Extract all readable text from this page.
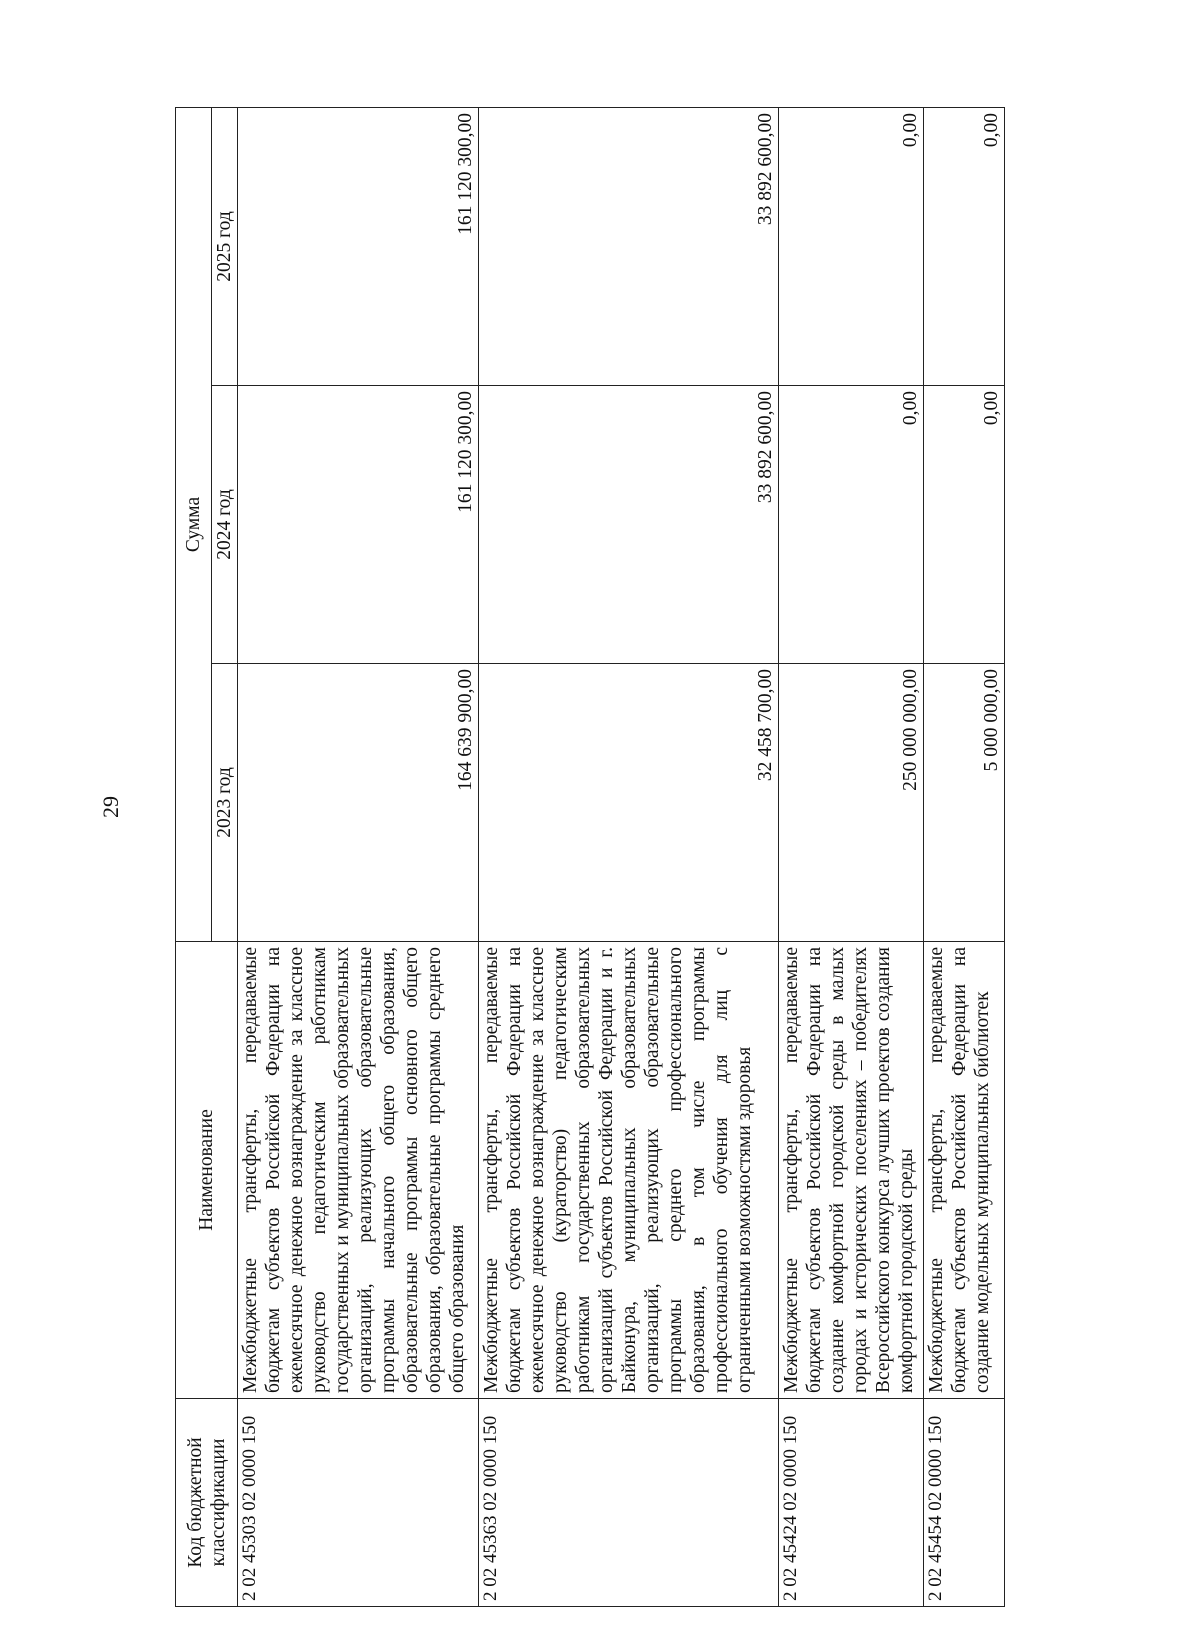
29
Код бюджетной классификации	Наименование	Сумма		
		2023 год	2024 год	2025 год
2 02 45303 02 0000 150	Межбюджетные трансферты, передаваемые бюджетам субъектов Российской Федерации на ежемесячное денежное вознаграждение за классное руководство педагогическим работникам государственных и муниципальных образовательных организаций, реализующих образовательные программы начального общего образования, образовательные программы основного общего образования, образовательные программы среднего общего образования	164 639 900,00	161 120 300,00	161 120 300,00
2 02 45363 02 0000 150	Межбюджетные трансферты, передаваемые бюджетам субъектов Российской Федерации на ежемесячное денежное вознаграждение за классное руководство (кураторство) педагогическим работникам государственных образовательных организаций субъектов Российской Федерации и г. Байконура, муниципальных образовательных организаций, реализующих образовательные программы среднего профессионального образования, в том числе программы профессионального обучения для лиц с ограниченными возможностями здоровья	32 458 700,00	33 892 600,00	33 892 600,00
2 02 45424 02 0000 150	Межбюджетные трансферты, передаваемые бюджетам субъектов Российской Федерации на создание комфортной городской среды в малых городах и исторических поселениях – победителях Всероссийского конкурса лучших проектов создания комфортной городской среды	250 000 000,00	0,00	0,00
2 02 45454 02 0000 150	Межбюджетные трансферты, передаваемые бюджетам субъектов Российской Федерации на создание модельных муниципальных библиотек	5 000 000,00	0,00	0,00
